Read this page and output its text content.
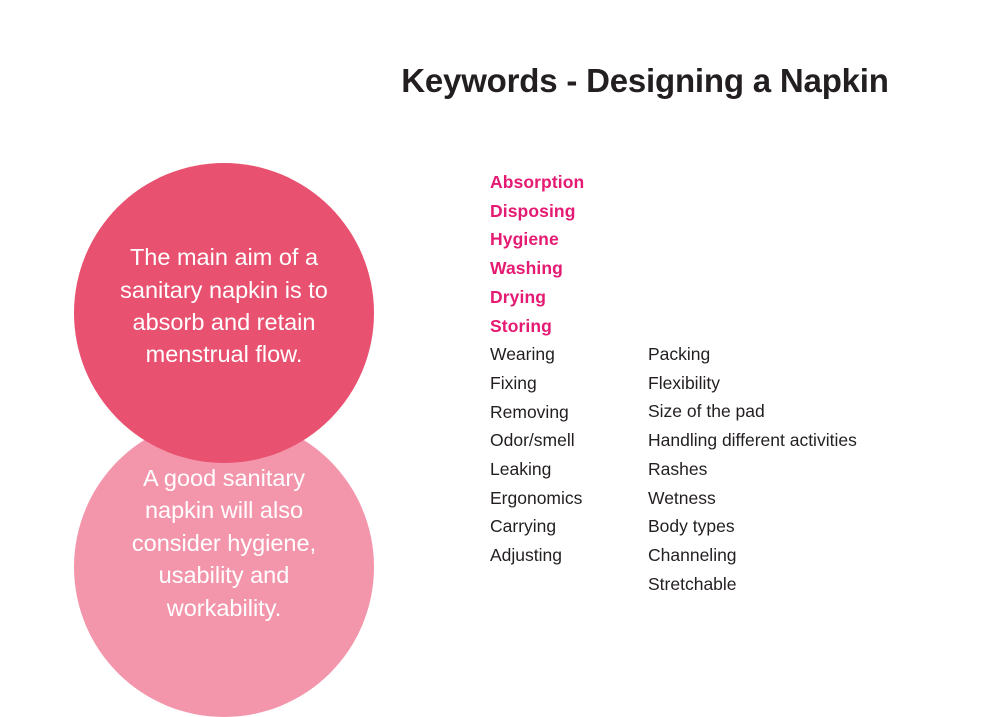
Keywords - Designing a Napkin
The main aim of a sanitary napkin is to absorb and retain menstrual flow.
A good sanitary napkin will also consider hygiene, usability and workability.
Absorption
Disposing
Hygiene
Washing
Drying
Storing
Wearing
Fixing
Removing
Odor/smell
Leaking
Ergonomics
Carrying
Adjusting
Packing
Flexibility
Size of the pad
Handling different activities
Rashes
Wetness
Body types
Channeling
Stretchable
